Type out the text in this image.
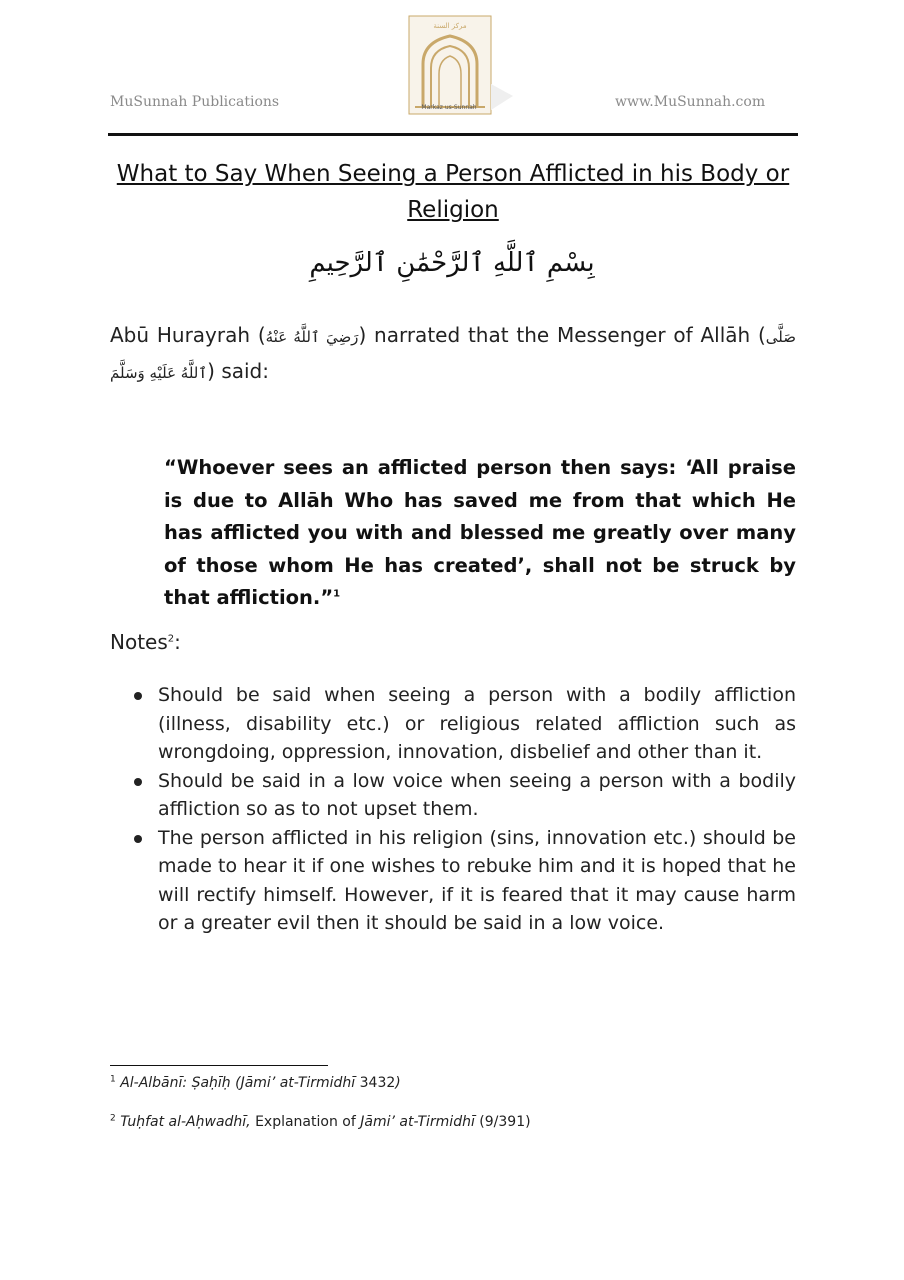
MuSunnah Publications
مركز السنة
Markaz us-Sunnah	www.MuSunnah.com
What to Say When Seeing a Person Afflicted in his Body or Religion
بِسْمِ ٱللَّهِ ٱلرَّحْمَٰنِ ٱلرَّحِيمِ
Abū Hurayrah (رَضِيَ ٱللَّهُ عَنْهُ) narrated that the Messenger of Allāh (صَلَّى ٱللَّهُ عَلَيْهِ وَسَلَّمَ) said:
“Whoever sees an afflicted person then says: ‘All praise is due to Allāh Who has saved me from that which He has afflicted you with and blessed me greatly over many of those whom He has created’, shall not be struck by that affliction.”$^1$
Notes$^2$:
Should be said when seeing a person with a bodily affliction (illness, disability etc.) or religious related affliction such as wrongdoing, oppression, innovation, disbelief and other than it.
Should be said in a low voice when seeing a person with a bodily affliction so as to not upset them.
The person afflicted in his religion (sins, innovation etc.) should be made to hear it if one wishes to rebuke him and it is hoped that he will rectify himself. However, if it is feared that it may cause harm or a greater evil then it should be said in a low voice.
$^1$ Al-Albānī: Ṣaḥīḥ (Jāmi’ at-Tirmidhī 3432)
$^2$ Tuḥfat al-Aḥwadhī, Explanation of Jāmi’ at-Tirmidhī (9/391)
